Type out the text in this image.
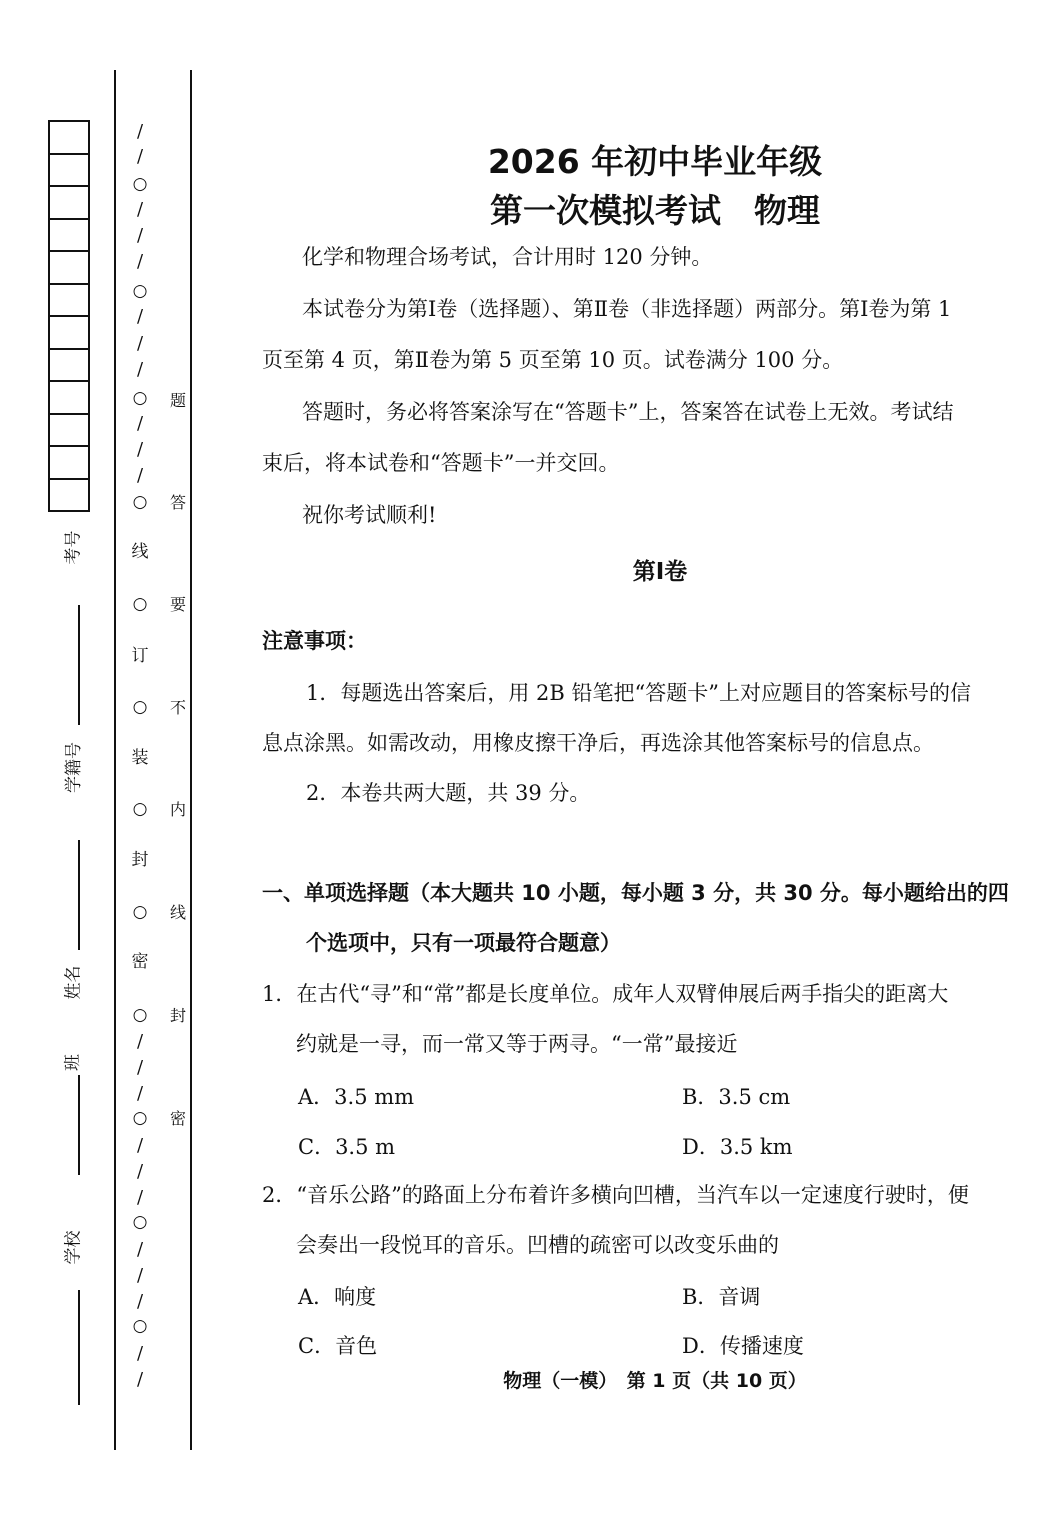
考号
学籍号
姓名
班
学校
/
/
○
/
/
/
○
/
/
/
○
/
/
/
○
线
○
订
○
装
○
封
○
密
○
/
/
/
○
/
/
/
○
/
/
/
○
/
/
题
答
要
不
内
线
封
密
2026 年初中毕业年级
第一次模拟考试　物理
化学和物理合场考试，合计用时 120 分钟。
本试卷分为第Ⅰ卷（选择题）、第Ⅱ卷（非选择题）两部分。第Ⅰ卷为第 1
页至第 4 页，第Ⅱ卷为第 5 页至第 10 页。试卷满分 100 分。
答题时，务必将答案涂写在“答题卡”上，答案答在试卷上无效。考试结
束后，将本试卷和“答题卡”一并交回。
祝你考试顺利!
第Ⅰ卷
注意事项：
1．每题选出答案后，用 2B 铅笔把“答题卡”上对应题目的答案标号的信
息点涂黑。如需改动，用橡皮擦干净后，再选涂其他答案标号的信息点。
2．本卷共两大题，共 39 分。
一、单项选择题（本大题共 10 小题，每小题 3 分，共 30 分。每小题给出的四
个选项中，只有一项最符合题意）
1．在古代“寻”和“常”都是长度单位。成年人双臂伸展后两手指尖的距离大
约就是一寻，而一常又等于两寻。“一常”最接近
A．3.5 mm	B．3.5 cm
C．3.5 m	D．3.5 km
2．“音乐公路”的路面上分布着许多横向凹槽，当汽车以一定速度行驶时，便
会奏出一段悦耳的音乐。凹槽的疏密可以改变乐曲的
A．响度	B．音调
C．音色	D．传播速度
物理（一模）　第 1 页（共 10 页）
